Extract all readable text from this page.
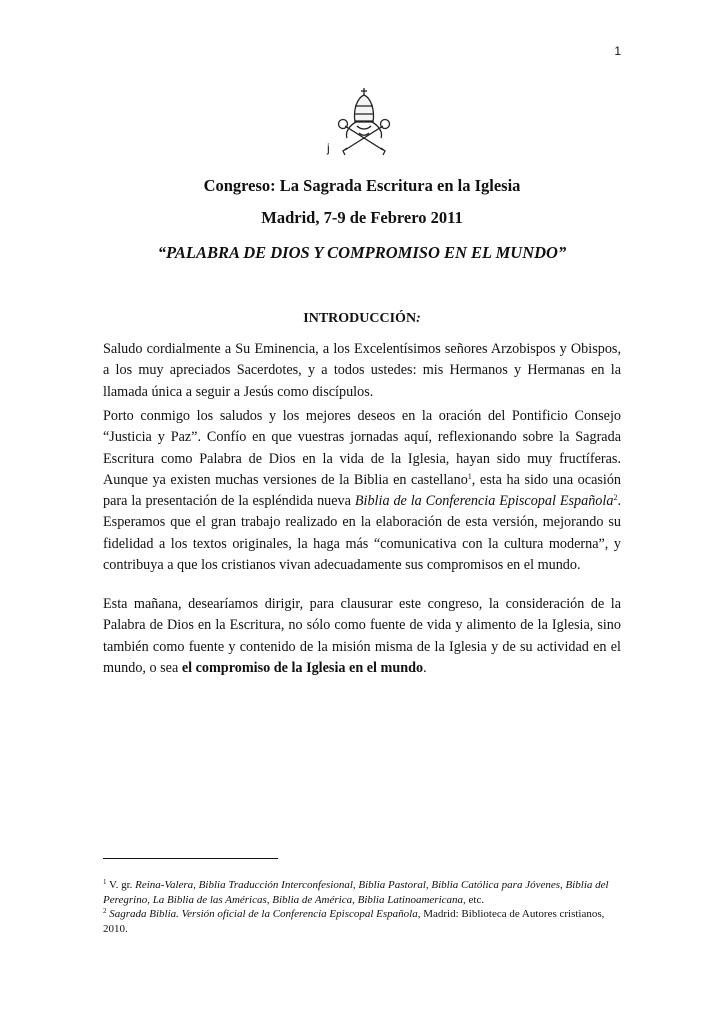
1
j
Congreso: La Sagrada Escritura en la Iglesia
Madrid, 7-9 de Febrero 2011
“PALABRA DE DIOS Y COMPROMISO EN EL MUNDO”
INTRODUCCIÓN:

Saludo cordialmente a Su Eminencia, a los Excelentísimos señores Arzobispos y Obispos, a los muy apreciados Sacerdotes, y a todos ustedes: mis Hermanos y Hermanas en la llamada única a seguir a Jesús como discípulos.

Porto conmigo los saludos y los mejores deseos en la oración del Pontificio Consejo “Justicia y Paz”. Confío en que vuestras jornadas aquí, reflexionando sobre la Sagrada Escritura como Palabra de Dios en la vida de la Iglesia, hayan sido muy fructíferas. Aunque ya existen muchas versiones de la Biblia en castellano$^1$, esta ha sido una ocasión para la presentación de la espléndida nueva Biblia de la Conferencia Episcopal Española$^2$. Esperamos que el gran trabajo realizado en la elaboración de esta versión, mejorando su fidelidad a los textos originales, la haga más “comunicativa con la cultura moderna”, y contribuya a que los cristianos vivan adecuadamente sus compromisos en el mundo.

Esta mañana, desearíamos dirigir, para clausurar este congreso, la consideración de la Palabra de Dios en la Escritura, no sólo como fuente de vida y alimento de la Iglesia, sino también como fuente y contenido de la misión misma de la Iglesia y de su actividad en el mundo, o sea el compromiso de la Iglesia en el mundo.

$^1$ V. gr. Reina-Valera, Biblia Traducción Interconfesional, Biblia Pastoral, Biblia Católica para Jóvenes, Biblia del Peregrino, La Biblia de las Américas, Biblia de América, Biblia Latinoamericana, etc.

$^2$ Sagrada Biblia. Versión oficial de la Conferencia Episcopal Española, Madrid: Biblioteca de Autores cristianos, 2010.
